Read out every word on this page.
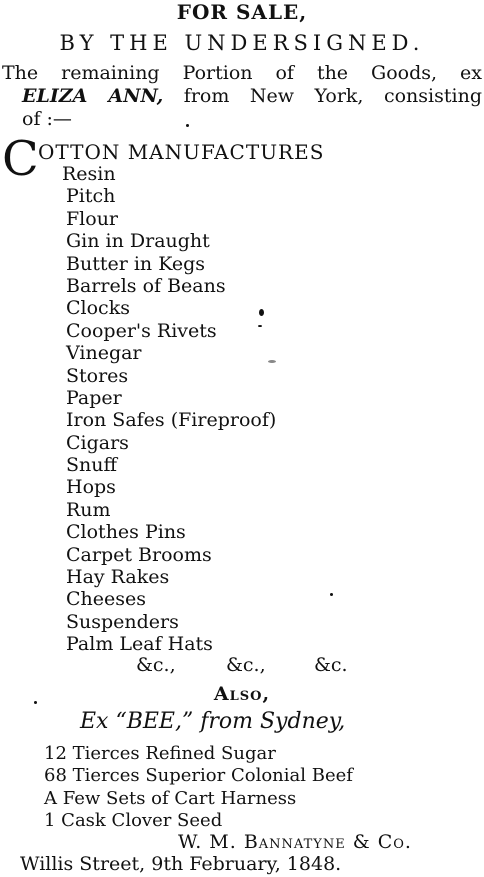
FOR SALE,
BY THE UNDERSIGNED.
The remaining Portion of the Goods, ex
ELIZA ANN, from New York, consisting
of :—
C OTTON MANUFACTURES
Resin
Pitch
Flour
Gin in Draught
Butter in Kegs
Barrels of Beans
Clocks
Cooper's Rivets
Vinegar
Stores
Paper
Iron Safes (Fireproof)
Cigars
Snuff
Hops
Rum
Clothes Pins
Carpet Brooms
Hay Rakes
Cheeses
Suspenders
Palm Leaf Hats
&c.,	&c.,	&c.
Also,
Ex “BEE,” from Sydney,
12 Tierces Refined Sugar
68 Tierces Superior Colonial Beef
A Few Sets of Cart Harness
1 Cask Clover Seed
W. M. Bannatyne & Co.
Willis Street, 9th February, 1848.
